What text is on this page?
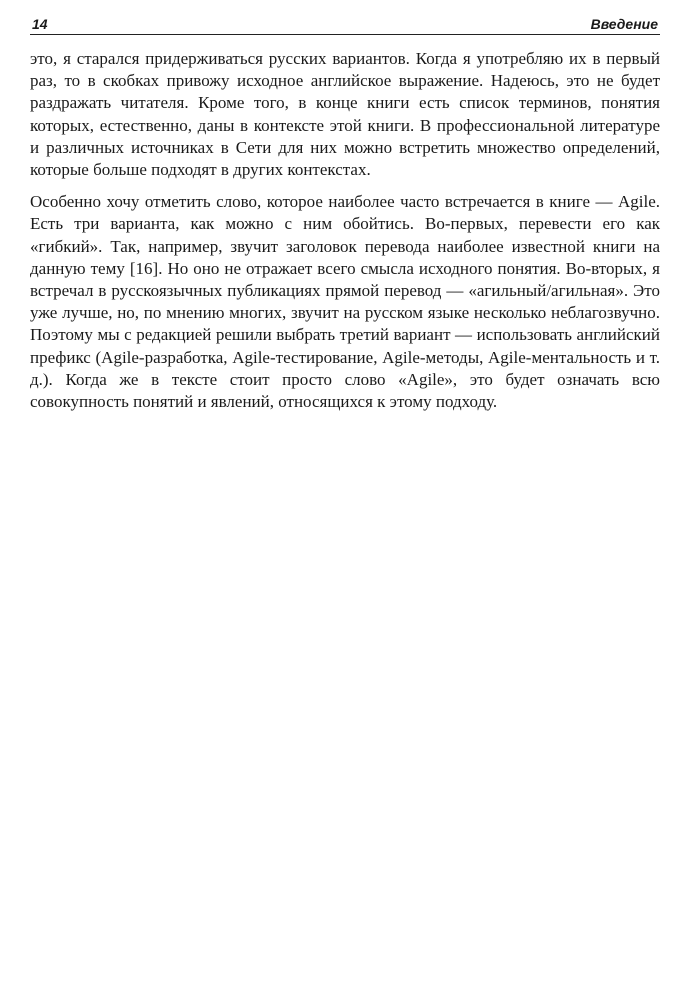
14	Введение

это, я старался придерживаться русских вариантов. Когда я употребляю их в первый раз, то в скобках привожу исходное английское выражение. Надеюсь, это не будет раздражать читателя. Кроме того, в конце книги есть список терминов, понятия которых, естественно, даны в контексте этой книги. В профессиональной литературе и различных источниках в Сети для них можно встретить множество определений, которые больше подходят в других контекстах.

Особенно хочу отметить слово, которое наиболее часто встречается в книге — Agile. Есть три варианта, как можно с ним обойтись. Во-первых, перевести его как «гибкий». Так, например, звучит заголовок перевода наиболее известной книги на данную тему [16]. Но оно не отражает всего смысла исходного понятия. Во-вторых, я встречал в русскоязычных публикациях прямой перевод — «агильный/агильная». Это уже лучше, но, по мнению многих, звучит на русском языке несколько неблагозвучно. Поэтому мы с редакцией решили выбрать третий вариант — использовать английский префикс (Agile-разработка, Agile-тестирование, Agile-методы, Agile-ментальность и т. д.). Когда же в тексте стоит просто слово «Agile», это будет означать всю совокупность понятий и явлений, относящихся к этому подходу.
